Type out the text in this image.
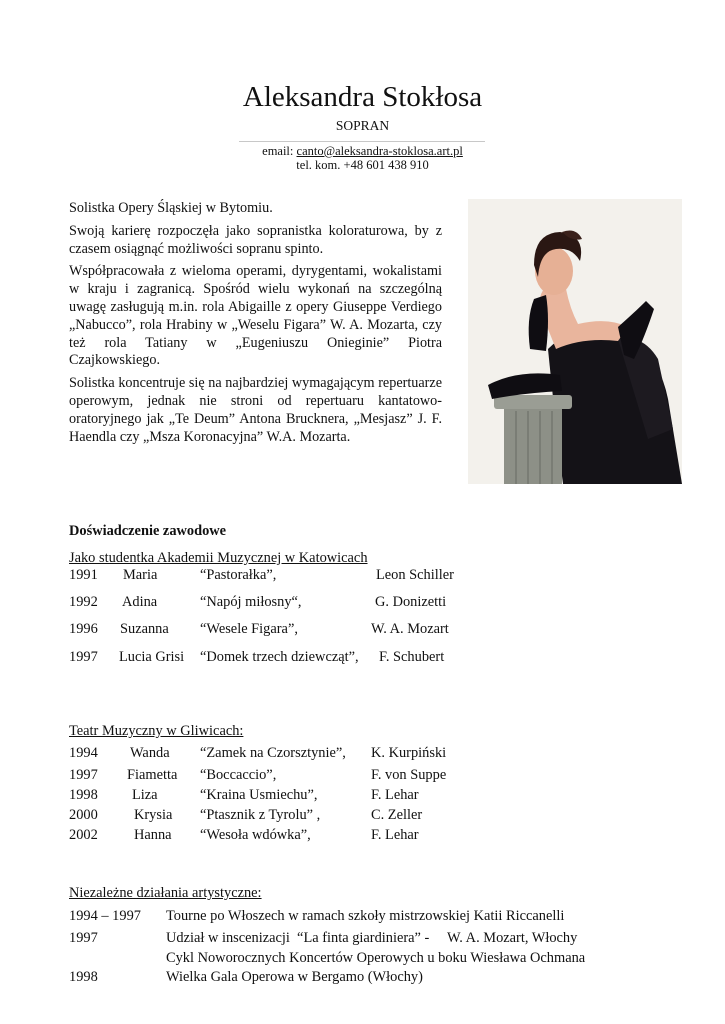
Aleksandra Stokłosa
SOPRAN
email: canto@aleksandra-stoklosa.art.pl
tel. kom. +48 601 438 910

Solistka Opery Śląskiej w Bytomiu.

Swoją karierę rozpoczęła jako sopranistka koloraturowa, by z czasem osiągnąć możliwości sopranu spinto.

Współpracowała z wieloma operami, dyrygentami, wokalistami w kraju i zagranicą. Spośród wielu wykonań na szczególną uwagę zasługują m.in. rola Abigaille z opery Giuseppe Verdiego „Nabucco”, rola Hrabiny w „Weselu Figara” W. A. Mozarta, czy też rola Tatiany w „Eugeniuszu Onieginie” Piotra Czajkowskiego.

Solistka koncentruje się na najbardziej wymagającym repertuarze operowym, jednak nie stroni od repertuaru kantatowo-oratoryjnego jak „Te Deum” Antona Brucknera, „Mesjasz” J. F. Haendla czy „Msza Koronacyjna” W.A. Mozarta.

Doświadczenie zawodowe
Jako studentka Akademii Muzycznej w Katowicach
1991 Maria	“Pastorałka”,	Leon Schiller
1992 Adina	“Napój miłosny“,	G. Donizetti
1996 Suzanna “Wesele Figara”,	W. A. Mozart
1997 Lucia Grisi “Domek trzech dziewcząt”, F. Schubert
Teatr Muzyczny w Gliwicach:
1994 Wanda “Zamek na Czorsztynie”, K. Kurpiński
1997 Fiametta “Boccaccio”,	F. von Suppe
1998 Liza	“Kraina Usmiechu”,	F. Lehar
2000	Krysia “Ptasznik z Tyrolu” ,	C. Zeller
2002	Hanna “Wesoła wdówka”,	F. Lehar
Niezależne działania artystyczne:
1994 – 1997 Tourne po Włoszech w ramach szkoły mistrzowskiej Katii Riccanelli
1997	Udział w inscenizacji  “La finta giardiniera” -     W. A. Mozart, Włochy
Cykl Noworocznych Koncertów Operowych u boku Wiesława Ochmana
1998	Wielka Gala Operowa w Bergamo (Włochy)
